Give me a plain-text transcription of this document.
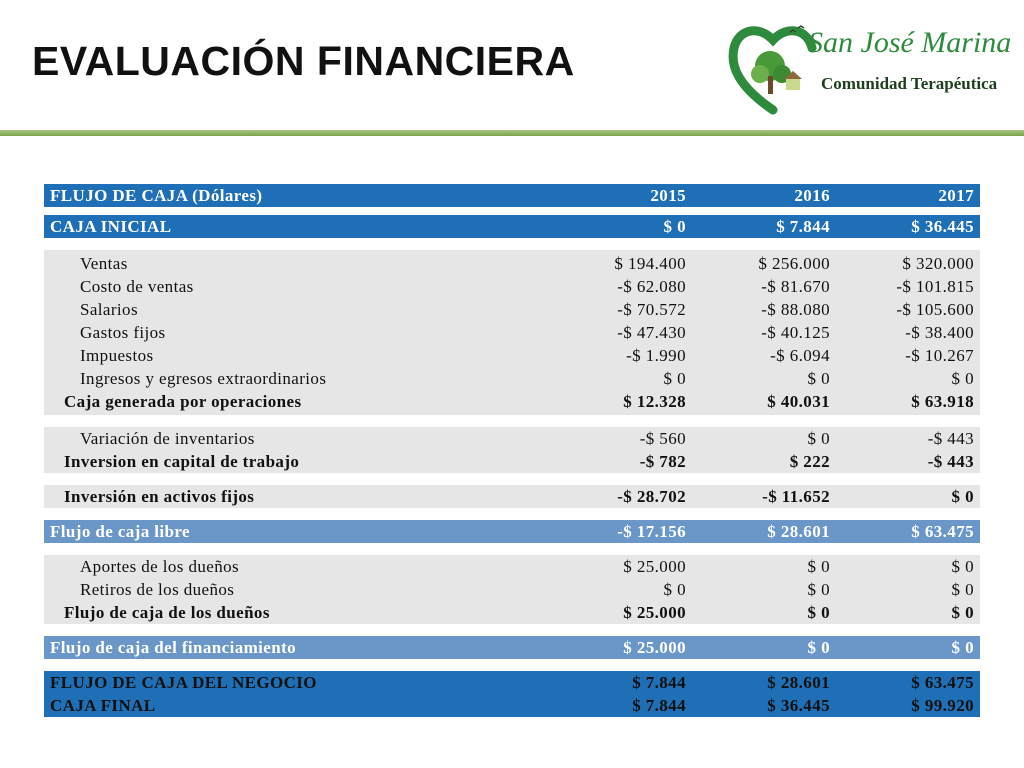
EVALUACIÓN FINANCIERA	San José Marina
Comunidad Terapéutica
FLUJO DE CAJA (Dólares)	2015	2016	2017
CAJA INICIAL	$ 0	$ 7.844	$ 36.445
Ventas	$ 194.400	$ 256.000	$ 320.000
Costo de ventas	-$ 62.080	-$ 81.670	-$ 101.815
Salarios	-$ 70.572	-$ 88.080	-$ 105.600
Gastos fijos	-$ 47.430	-$ 40.125	-$ 38.400
Impuestos	-$ 1.990	-$ 6.094	-$ 10.267
Ingresos y egresos extraordinarios	$ 0	$ 0	$ 0
Caja generada por operaciones	$ 12.328	$ 40.031	$ 63.918
Variación de inventarios	-$ 560	$ 0	-$ 443
Inversion en capital de trabajo	-$ 782	$ 222	-$ 443
Inversión en activos fijos	-$ 28.702	-$ 11.652	$ 0
Flujo de caja libre	-$ 17.156	$ 28.601	$ 63.475
Aportes de los dueños	$ 25.000	$ 0	$ 0
Retiros de los dueños	$ 0	$ 0	$ 0
Flujo de caja de los dueños	$ 25.000	$ 0	$ 0
Flujo de caja del financiamiento	$ 25.000	$ 0	$ 0
FLUJO DE CAJA DEL NEGOCIO	$ 7.844	$ 28.601	$ 63.475
CAJA FINAL	$ 7.844	$ 36.445	$ 99.920
